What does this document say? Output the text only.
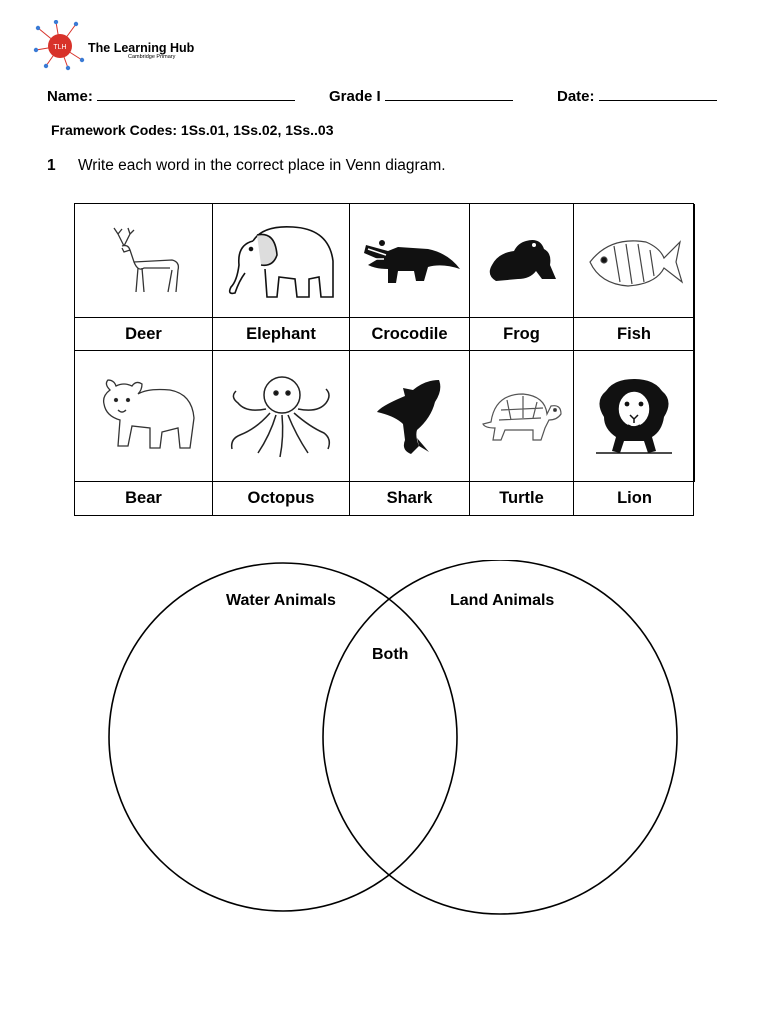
TLH The Learning Hub
Cambridge Primary
Name:	Grade I	Date:
Framework Codes: 1Ss.01, 1Ss.02, 1Ss..03
1 Write each word in the correct place in Venn diagram.
Deer	Elephant	Crocodile	Frog	Fish
Bear	Octopus	Shark	Turtle	Lion
Water Animals	Land Animals
Both
